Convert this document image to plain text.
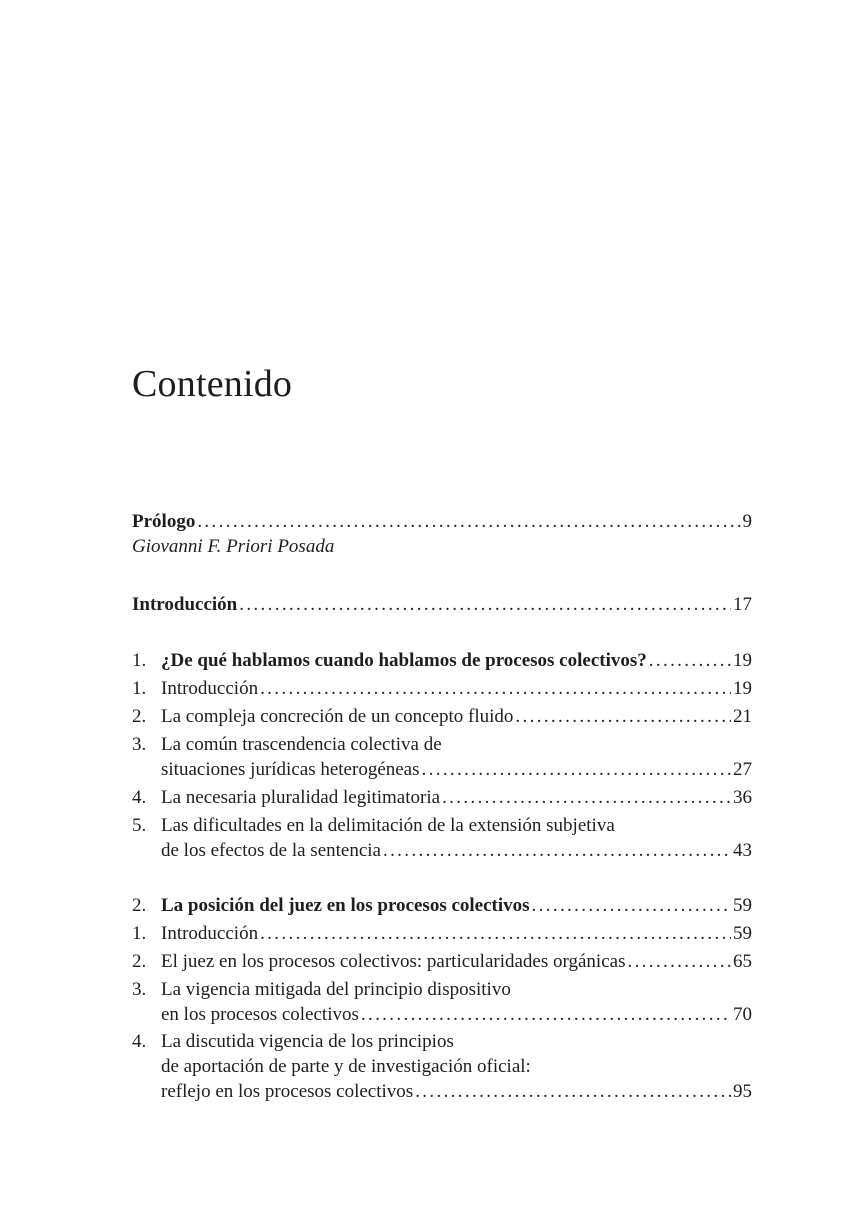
Contenido
Prólogo . . .	9
Giovanni F. Priori Posada
Introducción . . .	17
1. ¿De qué hablamos cuando hablamos de procesos colectivos? . . .	19
1. Introducción . . .	19
2. La compleja concreción de un concepto fluido . . .	21
3. La común trascendencia colectiva de
situaciones jurídicas heterogéneas . . .	27
4. La necesaria pluralidad legitimatoria . . .	36
5. Las dificultades en la delimitación de la extensión subjetiva
de los efectos de la sentencia . . .	43
2. La posición del juez en los procesos colectivos . . .	59
1. Introducción . . .	59
2. El juez en los procesos colectivos: particularidades orgánicas . . .	65
3. La vigencia mitigada del principio dispositivo
en los procesos colectivos . . .	70
4. La discutida vigencia de los principios
de aportación de parte y de investigación oficial:
reflejo en los procesos colectivos . . .	95
